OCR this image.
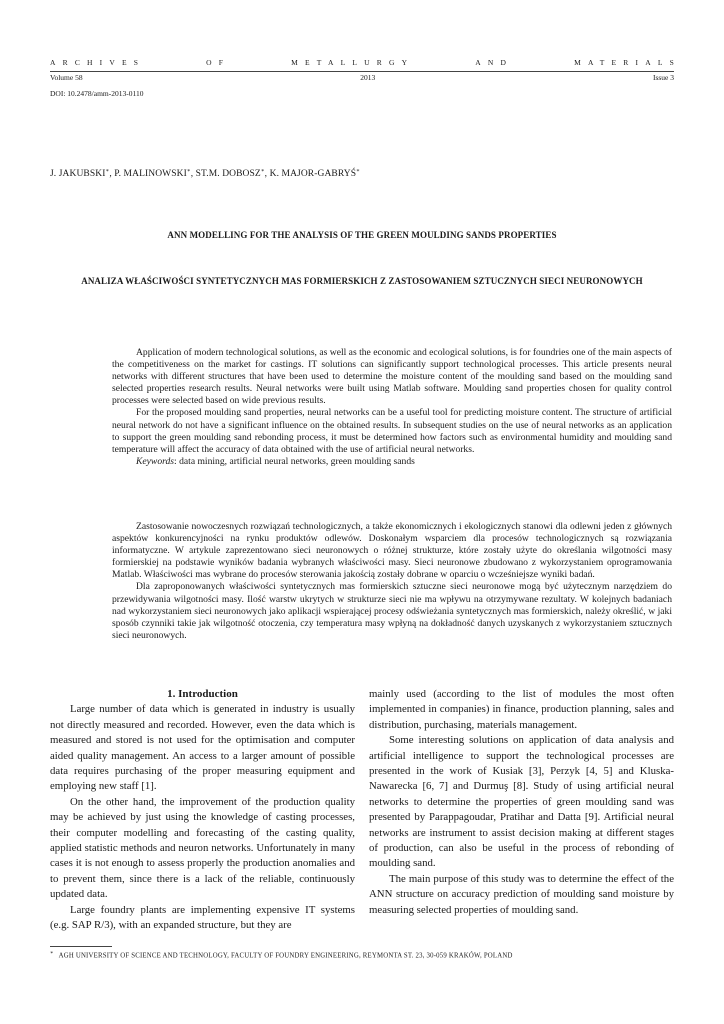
ARCHIVES	OF	METALLURGY	AND	MATERIALS
Volume 58	2013	Issue 3
DOI: 10.2478/amm-2013-0110
J. JAKUBSKI∗, P. MALINOWSKI∗, ST.M. DOBOSZ∗, K. MAJOR-GABRYŚ∗
ANN MODELLING FOR THE ANALYSIS OF THE GREEN MOULDING SANDS PROPERTIES
ANALIZA WŁAŚCIWOŚCI SYNTETYCZNYCH MAS FORMIERSKICH Z ZASTOSOWANIEM SZTUCZNYCH SIECI NEURONOWYCH

Application of modern technological solutions, as well as the economic and ecological solutions, is for foundries one of the main aspects of the competitiveness on the market for castings. IT solutions can significantly support technological processes. This article presents neural networks with different structures that have been used to determine the moisture content of the moulding sand based on the moulding sand selected properties research results. Neural networks were built using Matlab software. Moulding sand properties chosen for quality control processes were selected based on wide previous results.

For the proposed moulding sand properties, neural networks can be a useful tool for predicting moisture content. The structure of artificial neural network do not have a significant influence on the obtained results. In subsequent studies on the use of neural networks as an application to support the green moulding sand rebonding process, it must be determined how factors such as environmental humidity and moulding sand temperature will affect the accuracy of data obtained with the use of artificial neural networks.

Keywords: data mining, artificial neural networks, green moulding sands

Zastosowanie nowoczesnych rozwiązań technologicznych, a także ekonomicznych i ekologicznych stanowi dla odlewni jeden z głównych aspektów konkurencyjności na rynku produktów odlewów. Doskonałym wsparciem dla procesów technologicznych są rozwiązania informatyczne. W artykule zaprezentowano sieci neuronowych o różnej strukturze, które zostały użyte do określania wilgotności masy formierskiej na podstawie wyników badania wybranych właściwości masy. Sieci neuronowe zbudowano z wykorzystaniem oprogramowania Matlab. Właściwości mas wybrane do procesów sterowania jakością zostały dobrane w oparciu o wcześniejsze wyniki badań.

Dla zaproponowanych właściwości syntetycznych mas formierskich sztuczne sieci neuronowe mogą być użytecznym narzędziem do przewidywania wilgotności masy. Ilość warstw ukrytych w strukturze sieci nie ma wpływu na otrzymywane rezultaty. W kolejnych badaniach nad wykorzystaniem sieci neuronowych jako aplikacji wspierającej procesy odświeżania syntetycznych mas formierskich, należy określić, w jaki sposób czynniki takie jak wilgotność otoczenia, czy temperatura masy wpłyną na dokładność danych uzyskanych z wykorzystaniem sztucznych sieci neuronowych.

1. Introduction

Large number of data which is generated in industry is usually not directly measured and recorded. However, even the data which is measured and stored is not used for the optimisation and computer aided quality management. An access to a larger amount of possible data requires purchasing of the proper measuring equipment and employing new staff [1].

On the other hand, the improvement of the production quality may be achieved by just using the knowledge of casting processes, their computer modelling and forecasting of the casting quality, applied statistic methods and neuron networks. Unfortunately in many cases it is not enough to assess properly the production anomalies and to prevent them, since there is a lack of the reliable, continuously updated data.

Large foundry plants are implementing expensive IT systems (e.g. SAP R/3), with an expanded structure, but they are

mainly used (according to the list of modules the most often implemented in companies) in finance, production planning, sales and distribution, purchasing, materials management.

Some interesting solutions on application of data analysis and artificial intelligence to support the technological processes are presented in the work of Kusiak [3], Perzyk [4, 5] and Kluska-Nawarecka [6, 7] and Durmuş [8]. Study of using artificial neural networks to determine the properties of green moulding sand was presented by Parappagoudar, Pratihar and Datta [9]. Artificial neural networks are instrument to assist decision making at different stages of production, can also be useful in the process of rebonding of moulding sand.

The main purpose of this study was to determine the effect of the ANN structure on accuracy prediction of moulding sand moisture by measuring selected properties of moulding sand.

∗ AGH UNIVERSITY OF SCIENCE AND TECHNOLOGY, FACULTY OF FOUNDRY ENGINEERING, REYMONTA ST. 23, 30-059 KRAKÓW, POLAND
